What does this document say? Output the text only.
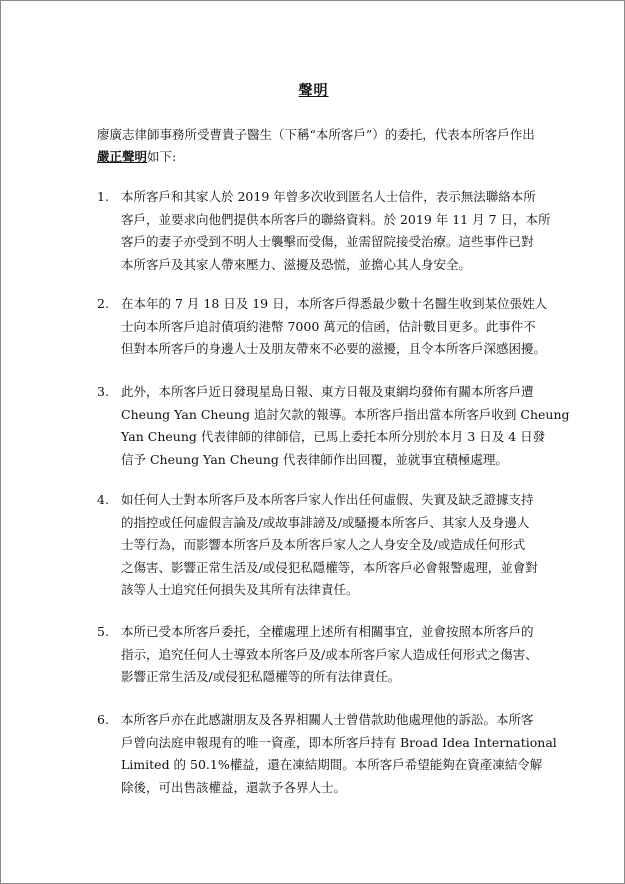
聲明
廖廣志律師事務所受曹貴子醫生（下稱“本所客戶”）的委托，代表本所客戶作出
嚴正聲明如下:
1. 本所客戶和其家人於 2019 年曾多次收到匿名人士信件，表示無法聯絡本所
客戶，並要求向他們提供本所客戶的聯絡資料。於 2019 年 11 月 7 日，本所
客戶的妻子亦受到不明人士襲擊而受傷，並需留院接受治療。這些事件已對
本所客戶及其家人帶來壓力、滋擾及恐慌，並擔心其人身安全。
2. 在本年的 7 月 18 日及 19 日，本所客戶得悉最少數十名醫生收到某位張姓人
士向本所客戶追討債項約港幣 7000 萬元的信函，估計數目更多。此事件不
但對本所客戶的身邊人士及朋友帶來不必要的滋擾，且令本所客戶深感困擾。
3. 此外，本所客戶近日發現星島日報、東方日報及東網均發佈有關本所客戶遭
Cheung Yan Cheung 追討欠款的報導。本所客戶指出當本所客戶收到 Cheung
Yan Cheung 代表律師的律師信，已馬上委托本所分別於本月 3 日及 4 日發
信予 Cheung Yan Cheung 代表律師作出回覆，並就事宜積極處理。
4. 如任何人士對本所客戶及本所客戶家人作出任何虛假、失實及缺乏證據支持
的指控或任何虛假言論及/或故事誹謗及/或騷擾本所客戶、其家人及身邊人
士等行為，而影響本所客戶及本所客戶家人之人身安全及/或造成任何形式
之傷害、影響正常生活及/或侵犯私隱權等，本所客戶必會報警處理，並會對
該等人士追究任何損失及其所有法律責任。
5. 本所已受本所客戶委托，全權處理上述所有相關事宜，並會按照本所客戶的
指示，追究任何人士導致本所客戶及/或本所客戶家人造成任何形式之傷害、
影響正常生活及/或侵犯私隱權等的所有法律責任。
6. 本所客戶亦在此感謝朋友及各界相關人士曾借款助他處理他的訴訟。本所客
戶曾向法庭申報現有的唯一資產，即本所客戶持有 Broad Idea International
Limited 的 50.1%權益，還在凍結期間。本所客戶希望能夠在資產凍結令解
除後，可出售該權益，還款予各界人士。
